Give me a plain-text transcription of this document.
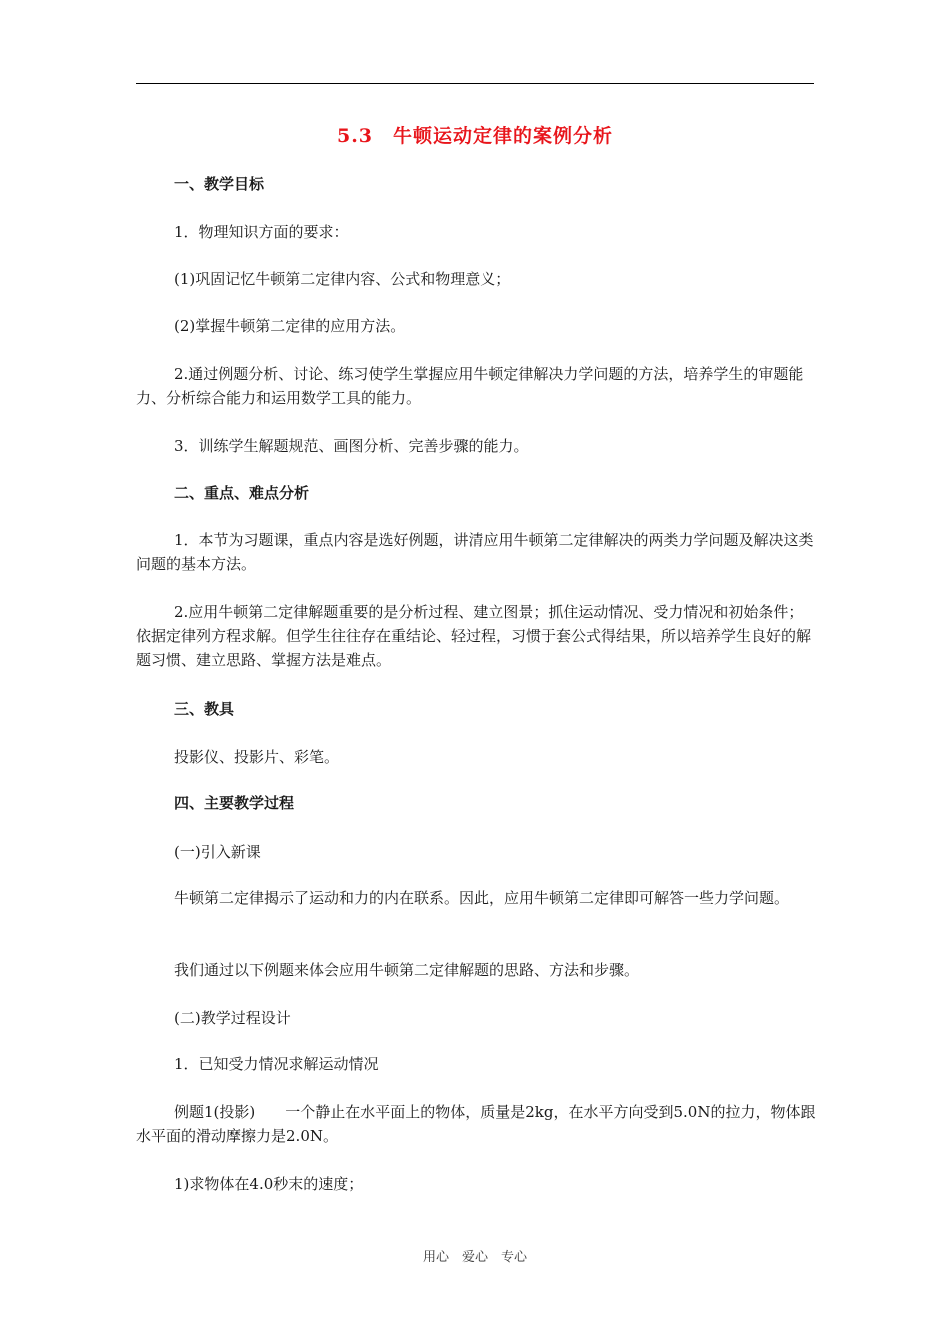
5.3　牛顿运动定律的案例分析

一、教学目标

1．物理知识方面的要求：

(1)巩固记忆牛顿第二定律内容、公式和物理意义；

(2)掌握牛顿第二定律的应用方法。

2.通过例题分析、讨论、练习使学生掌握应用牛顿定律解决力学问题的方法，培养学生的审题能力、分析综合能力和运用数学工具的能力。

3．训练学生解题规范、画图分析、完善步骤的能力。

二、重点、难点分析

1．本节为习题课，重点内容是选好例题，讲清应用牛顿第二定律解决的两类力学问题及解决这类问题的基本方法。

2.应用牛顿第二定律解题重要的是分析过程、建立图景；抓住运动情况、受力情况和初始条件；依据定律列方程求解。但学生往往存在重结论、轻过程，习惯于套公式得结果，所以培养学生良好的解题习惯、建立思路、掌握方法是难点。

三、教具

投影仪、投影片、彩笔。

四、主要教学过程

(一)引入新课

牛顿第二定律揭示了运动和力的内在联系。因此，应用牛顿第二定律即可解答一些力学问题。

我们通过以下例题来体会应用牛顿第二定律解题的思路、方法和步骤。

(二)教学过程设计

1．已知受力情况求解运动情况

例题1(投影)　　一个静止在水平面上的物体，质量是2kg，在水平方向受到5.0N的拉力，物体跟水平面的滑动摩擦力是2.0N。

1)求物体在4.0秒末的速度；

用心　爱心　专心
